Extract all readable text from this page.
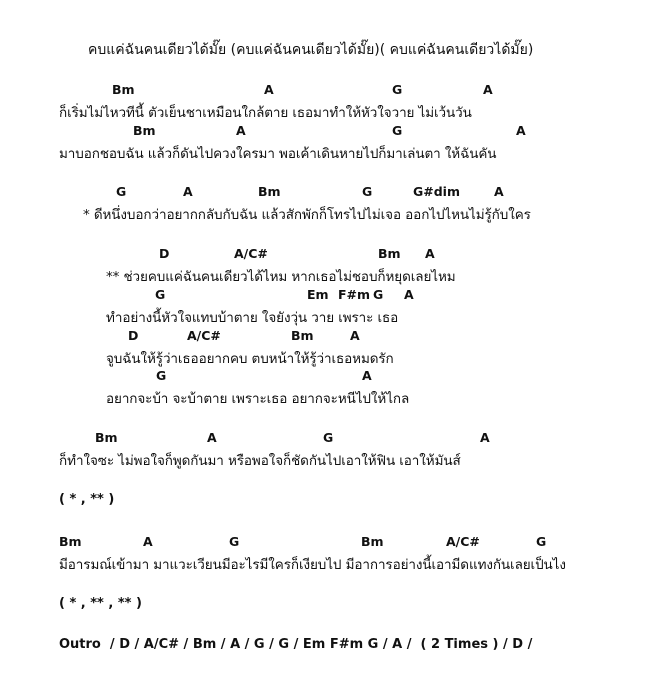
คบแค่ฉันคนเดียวได้มั๊ย (คบแค่ฉันคนเดียวได้มั๊ย)( คบแค่ฉันคนเดียวได้มั๊ย)
Bm	A	G	A
ก็เริ่มไม่ไหวทีนี้ ตัวเย็นชาเหมือนใกล้ตาย เธอมาทำให้หัวใจวาย ไม่เว้นวัน
Bm	A	G	A
มาบอกชอบฉัน แล้วก็ดันไปควงใครมา พอเค้าเดินหายไปก็มาเล่นตา ให้ฉันคัน
G	A	Bm	G	G#dim	A
* ดีหนึ่งบอกว่าอยากกลับกับฉัน แล้วสักพักก็โทรไปไม่เจอ ออกไปไหนไม่รู้กับใคร
D	A/C#	Bm A
** ช่วยคบแค่ฉันคนเดียวได้ไหม หากเธอไม่ชอบก็หยุดเลยไหม
G	Em F#m G A
ทำอย่างนี้หัวใจแทบบ้าตาย ใจยังวุ่น วาย เพราะ เธอ
D	A/C#	Bm	A
จูบฉันให้รู้ว่าเธออยากคบ ตบหน้าให้รู้ว่าเธอหมดรัก
G	A
อยากจะบ้า จะบ้าตาย เพราะเธอ อยากจะหนีไปให้ไกล
Bm	A	G	A
ก็ทำใจซะ ไม่พอใจก็พูดกันมา หรือพอใจก็ชัดกันไปเอาให้ฟิน เอาให้มันส์
( * , ** )
Bm	A	G	Bm	A/C#	G
มีอารมณ์เข้ามา มาแวะเวียนมีอะไรมีใครก็เงียบไป มีอาการอย่างนี้เอามีดแทงกันเลยเป็นไง
( * , ** , ** )
Outro  / D / A/C# / Bm / A / G / G / Em F#m G / A /  ( 2 Times ) / D /
